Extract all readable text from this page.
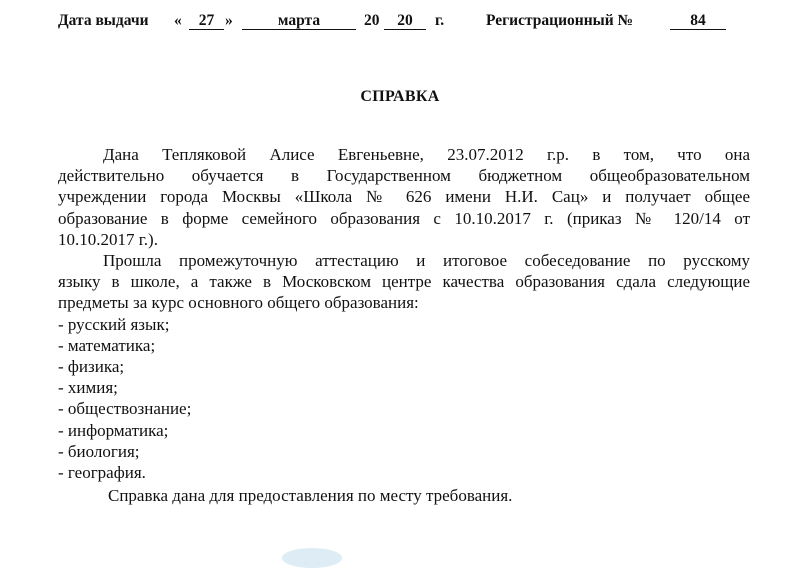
Дата выдачи «	27 »	марта	20	20	г.	Регистрационный №	84
СПРАВКА
Дана Тепляковой Алисе Евгеньевне, 23.07.2012 г.р. в том, что она
действительно обучается в Государственном бюджетном общеобразовательном
учреждении города Москвы «Школа № 626 имени Н.И. Сац» и получает общее
образование в форме семейного образования с 10.10.2017 г. (приказ № 120/14 от
10.10.2017 г.).
Прошла промежуточную аттестацию и итоговое собеседование по русскому
языку в школе, а также в Московском центре качества образования сдала следующие
предметы за курс основного общего образования:
- русский язык;
- математика;
- физика;
- химия;
- обществознание;
- информатика;
- биология;
- география.
Справка дана для предоставления по месту требования.
